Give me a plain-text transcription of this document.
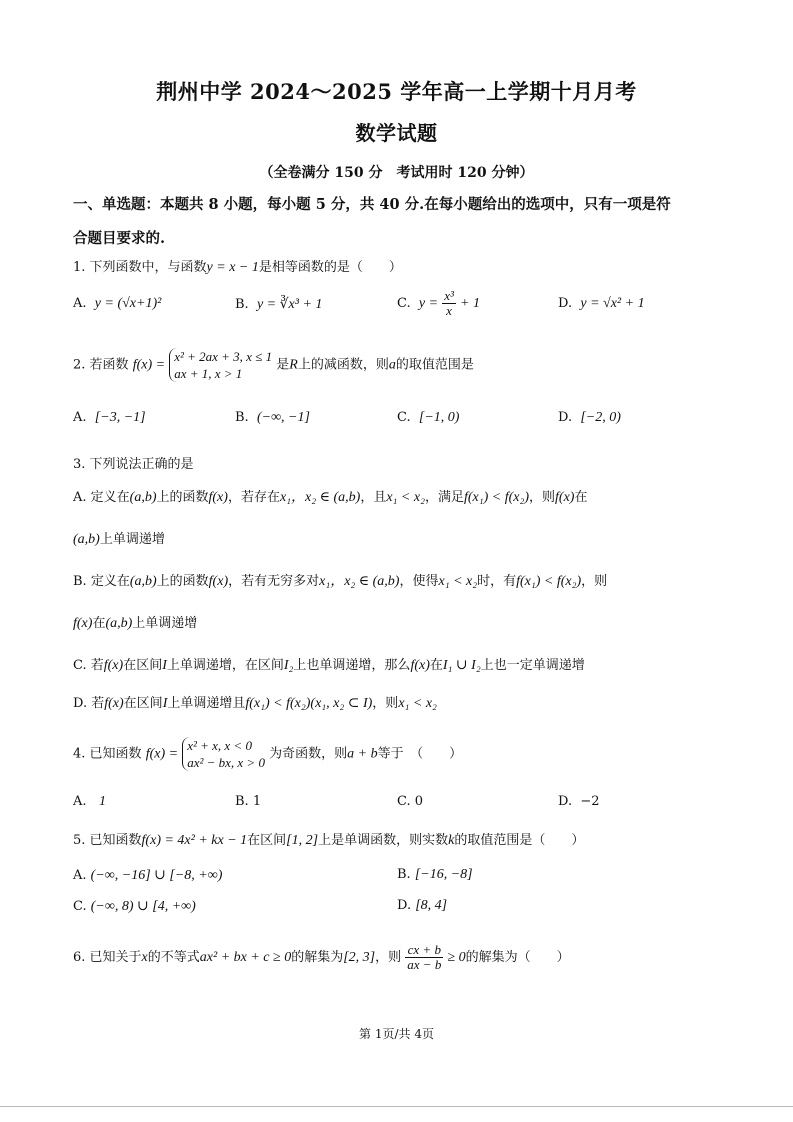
荆州中学 2024～2025 学年高一上学期十月月考
数学试题
（全卷满分 150 分　考试用时 120 分钟）
一、单选题：本题共 8 小题，每小题 5 分，共 40 分.在每小题给出的选项中，只有一项是符
合题目要求的.
1. 下列函数中，与函数y = x − 1是相等函数的是（　　）
A. y = (√x+1)²	B. y = ∛x³ + 1	C. $y = \frac{\text{x³}}{x} + 1$	D. y = √x² + 1
2. 若函数 f(x) =
x² + 2ax + 3, x ≤ 1
ax + 1, x > 1
是R上的减函数，则a的取值范围是
A. [−3, −1]	B. (−∞, −1]	C. [−1, 0)	D. [−2, 0)
3. 下列说法正确的是
A. 定义在(a,b)上的函数f(x)，若存在x₁，x₂ ∈ (a,b)，且x₁ < x₂，满足f(x₁) < f(x₂)，则f(x)在
(a,b)上单调递增
B. 定义在(a,b)上的函数f(x)，若有无穷多对x₁，x₂ ∈ (a,b)，使得x₁ < x₂时，有f(x₁) < f(x₂)，则
f(x)在(a,b)上单调递增
C. 若f(x)在区间I上单调递增，在区间I₂上也单调递增，那么f(x)在I₁ ∪ I₂上也一定单调递增
D. 若f(x)在区间I上单调递增且f(x₁) < f(x₂)(x₁, x₂ ⊂ I)，则x₁ < x₂
4. 已知函数 f(x) =
x² + x, x < 0
ax² − bx, x > 0
为奇函数，则a + b等于　（　　）
A. 1	B. 1	C. 0	D. −2
5. 已知函数f(x) = 4x² + kx − 1在区间[1, 2]上是单调函数，则实数k的取值范围是（　　）
A. (−∞, −16] ∪ [−8, +∞)	B. [−16, −8]
C. (−∞, 8) ∪ [4, +∞)	D. [8, 4]
6. 已知关于x的不等式ax² + bx + c ≥ 0的解集为[2, 3]，则 $\frac{cx + b}{ax - b} \ge 0$的解集为（　　）
第 1页/共 4页
